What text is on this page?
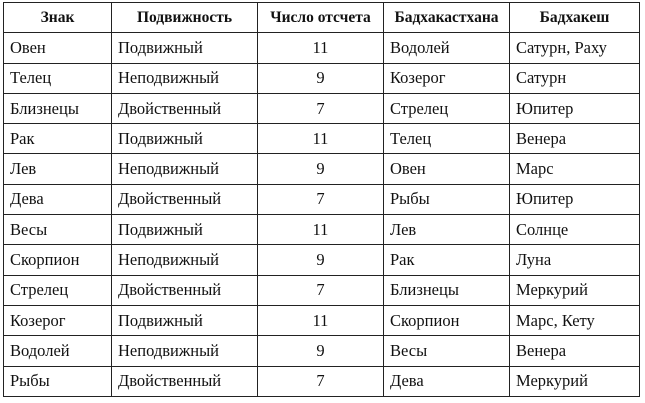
Знак	Подвижность	Число отсчета	Бадхакастхана	Бадхакеш
Овен	Подвижный	11	Водолей	Сатурн, Раху
Телец	Неподвижный	9	Козерог	Сатурн
Близнецы	Двойственный	7	Стрелец	Юпитер
Рак	Подвижный	11	Телец	Венера
Лев	Неподвижный	9	Овен	Марс
Дева	Двойственный	7	Рыбы	Юпитер
Весы	Подвижный	11	Лев	Солнце
Скорпион	Неподвижный	9	Рак	Луна
Стрелец	Двойственный	7	Близнецы	Меркурий
Козерог	Подвижный	11	Скорпион	Марс, Кету
Водолей	Неподвижный	9	Весы	Венера
Рыбы	Двойственный	7	Дева	Меркурий
